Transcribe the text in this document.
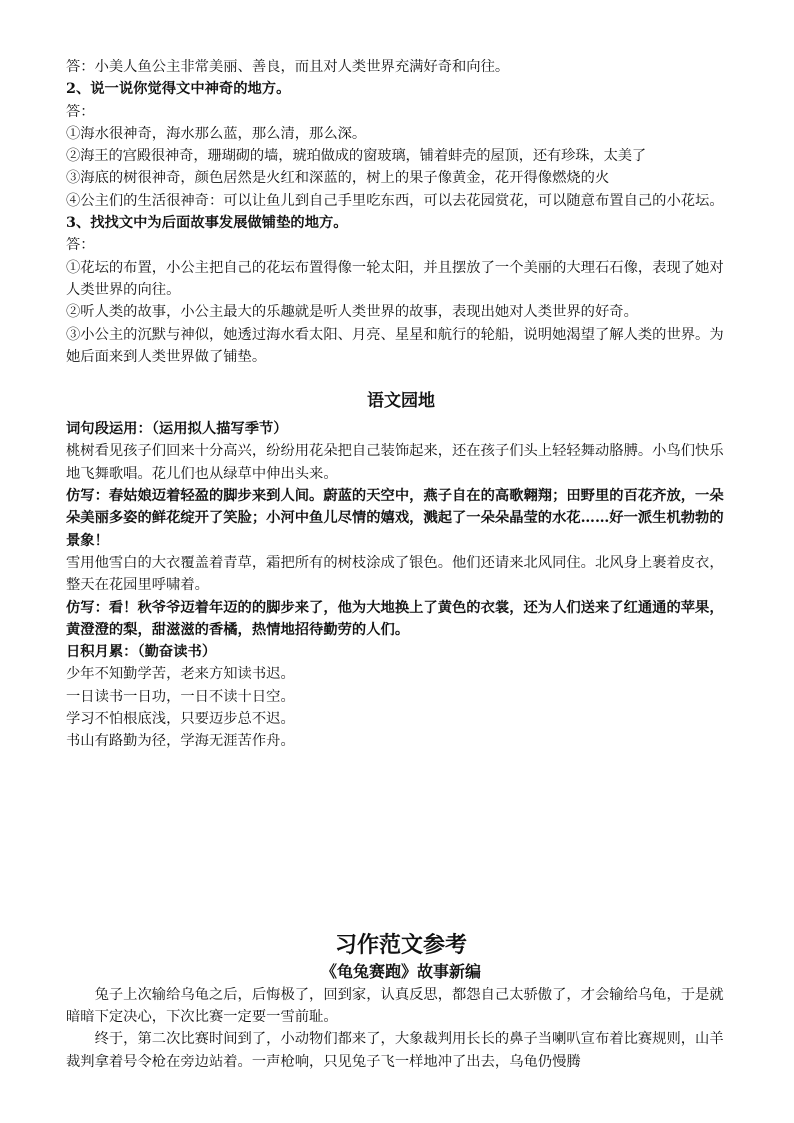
答：小美人鱼公主非常美丽、善良，而且对人类世界充满好奇和向往。
2、说一说你觉得文中神奇的地方。
答：
①海水很神奇，海水那么蓝，那么清，那么深。
②海王的宫殿很神奇，珊瑚砌的墙，琥珀做成的窗玻璃，铺着蚌壳的屋顶，还有珍珠，太美了
③海底的树很神奇，颜色居然是火红和深蓝的，树上的果子像黄金，花开得像燃烧的火
④公主们的生活很神奇：可以让鱼儿到自己手里吃东西，可以去花园赏花，可以随意布置自己的小花坛。
3、找找文中为后面故事发展做铺垫的地方。
答：
①花坛的布置，小公主把自己的花坛布置得像一轮太阳，并且摆放了一个美丽的大理石石像，表现了她对人类世界的向往。
②听人类的故事，小公主最大的乐趣就是听人类世界的故事，表现出她对人类世界的好奇。
③小公主的沉默与神似，她透过海水看太阳、月亮、星星和航行的轮船，说明她渴望了解人类的世界。为她后面来到人类世界做了铺垫。
语文园地
词句段运用：（运用拟人描写季节）
桃树看见孩子们回来十分高兴，纷纷用花朵把自己装饰起来，还在孩子们头上轻轻舞动胳膊。小鸟们快乐地飞舞歌唱。花儿们也从绿草中伸出头来。
仿写：春姑娘迈着轻盈的脚步来到人间。蔚蓝的天空中，燕子自在的高歌翱翔；田野里的百花齐放，一朵朵美丽多姿的鲜花绽开了笑脸；小河中鱼儿尽情的嬉戏，溅起了一朵朵晶莹的水花……好一派生机勃勃的景象！
雪用他雪白的大衣覆盖着青草，霜把所有的树枝涂成了银色。他们还请来北风同住。北风身上裹着皮衣，整天在花园里呼啸着。
仿写：看！秋爷爷迈着年迈的的脚步来了，他为大地换上了黄色的衣裳，还为人们送来了红通通的苹果，黄澄澄的梨，甜滋滋的香橘，热情地招待勤劳的人们。
日积月累：（勤奋读书）
少年不知勤学苦，老来方知读书迟。
一日读书一日功，一日不读十日空。
学习不怕根底浅，只要迈步总不迟。
书山有路勤为径，学海无涯苦作舟。
习作范文参考
《龟兔赛跑》故事新编
兔子上次输给乌龟之后，后悔极了，回到家，认真反思，都怨自己太骄傲了，才会输给乌龟，于是就暗暗下定决心，下次比赛一定要一雪前耻。
终于，第二次比赛时间到了，小动物们都来了，大象裁判用长长的鼻子当喇叭宣布着比赛规则，山羊裁判拿着号令枪在旁边站着。一声枪响，只见兔子飞一样地冲了出去，乌龟仍慢腾
